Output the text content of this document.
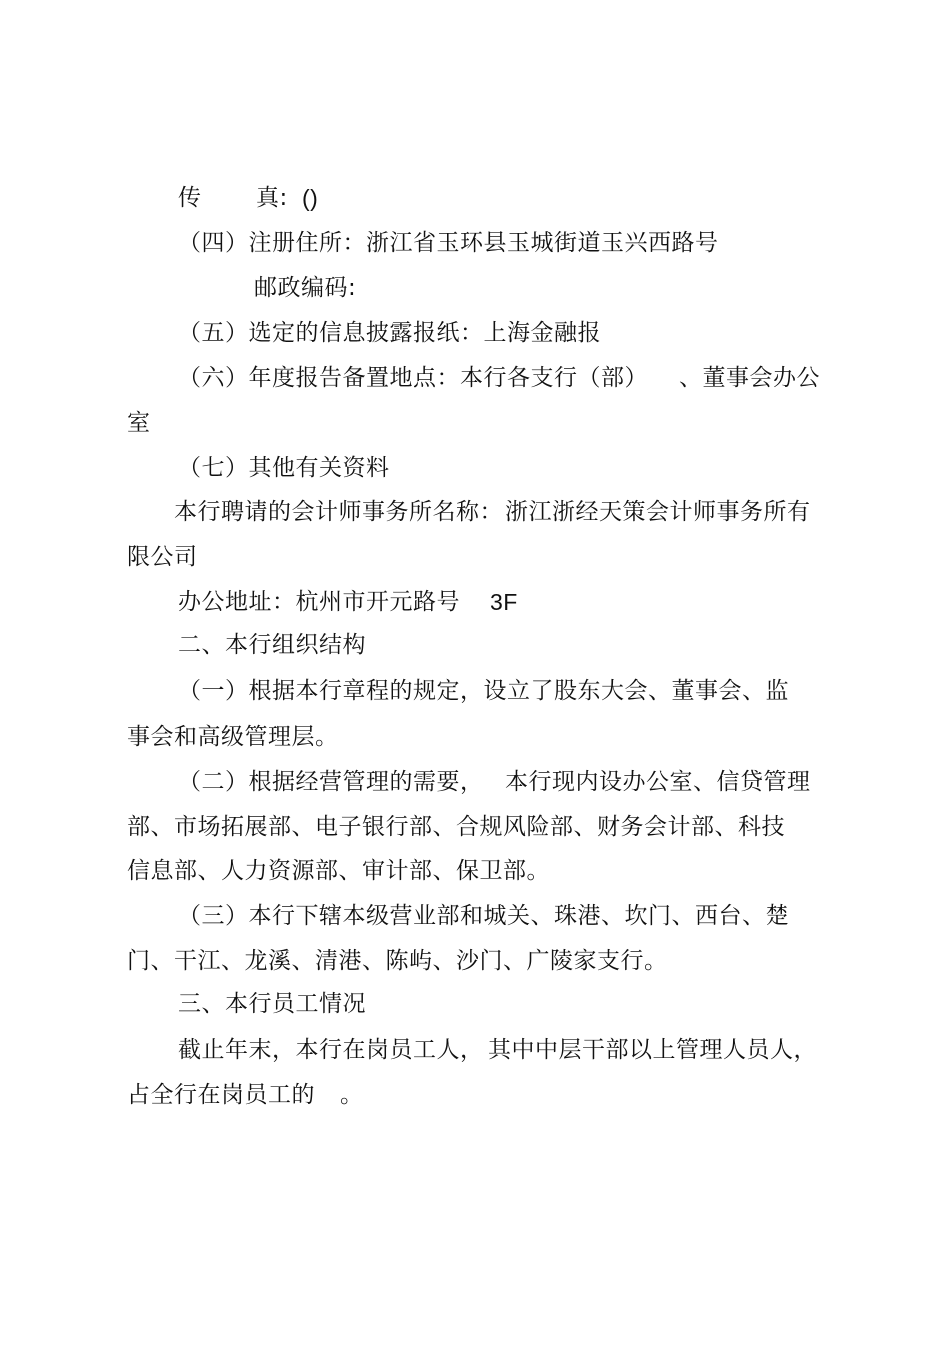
传 真: ()
（四）注册住所：浙江省玉环县玉城街道玉兴西路号
邮政编码:
（五）选定的信息披露报纸：上海金融报
（六）年度报告备置地点：本行各支行（部） 、董事会办公
室
（七）其他有关资料
本行聘请的会计师事务所名称： 浙江浙经天策会计师事务所有
限公司
办公地址：杭州市开元路号 3F
二、本行组织结构
（一）根据本行章程的规定，设立了股东大会、董事会、监
事会和高级管理层。
（二）根据经营管理的需要， 本行现内设办公室、信贷管理
部、市场拓展部、电子银行部、合规风险部、财务会计部、科技
信息部、人力资源部、审计部、保卫部。
（三）本行下辖本级营业部和城关、珠港、坎门、西台、楚
门、干江、龙溪、清港、陈屿、沙门、广陵家支行。
三、本行员工情况
截止年末，本行在岗员工人， 其中中层干部以上管理人员人，
占全行在岗员工的 。
